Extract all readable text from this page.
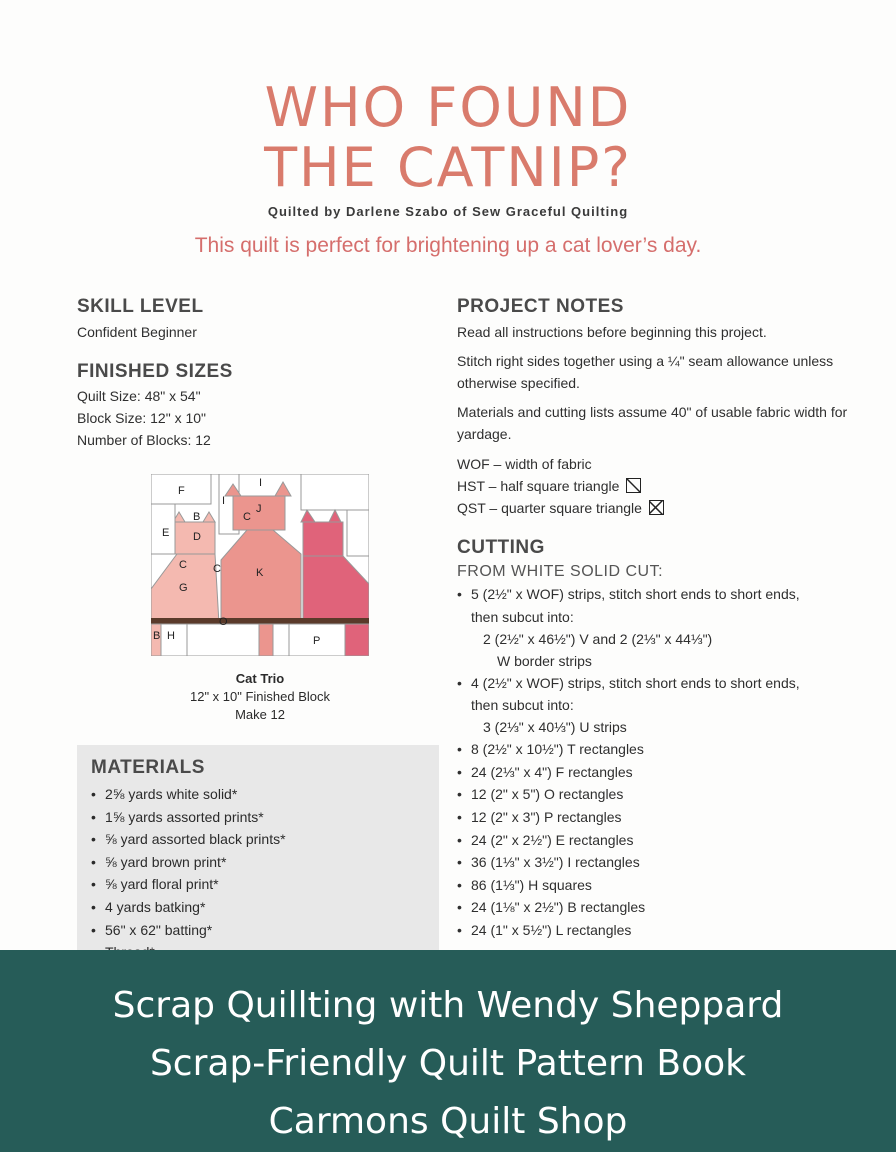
WHO FOUND
THE CATNIP?
Quilted by Darlene Szabo of Sew Graceful Quilting
This quilt is perfect for brightening up a cat lover’s day.
SKILL LEVEL
Confident Beginner
FINISHED SIZES
Quilt Size: 48" x 54"
Block Size: 12" x 10"
Number of Blocks: 12
F
I
I
J
C
B
E D
C
K
C
G
B H
O
P
Cat Trio
12" x 10" Finished Block
Make 12
MATERIALS
• 2⅝ yards white solid*
• 1⅝ yards assorted prints*
• ⅝ yard assorted black prints*
• ⅝ yard brown print*
• ⅝ yard floral print*
• 4 yards batking*
• 56" x 62" batting*
•
PROJECT NOTES
Read all instructions before beginning this project.
Stitch right sides together using a ¼" seam allowance unless otherwise specified.
Materials and cutting lists assume 40" of usable fabric width for yardage.
WOF – width of fabric
HST – half square triangle
QST – quarter square triangle
CUTTING
FROM WHITE SOLID CUT:
• 5 (2½" x WOF) strips, stitch short ends to short ends,
then subcut into:
2 (2½" x 46½") V and 2 (2⅓" x 44⅓")
W border strips
• 4 (2½" x WOF) strips, stitch short ends to short ends,
then subcut into:
3 (2⅓" x 40⅓") U strips
• 8 (2½" x 10½") T rectangles
• 24 (2⅓" x 4") F rectangles
• 12 (2" x 5") O rectangles
• 12 (2" x 3") P rectangles
• 24 (2" x 2½") E rectangles
• 36 (1⅓" x 3½") I rectangles
• 86 (1⅓") H squares
• 24 (1⅛" x 2½") B rectangles
• 24 (1" x 5½") L rectangles
Scrap Quillting with Wendy Sheppard
Scrap-Friendly Quilt Pattern Book
Carmons Quilt Shop
